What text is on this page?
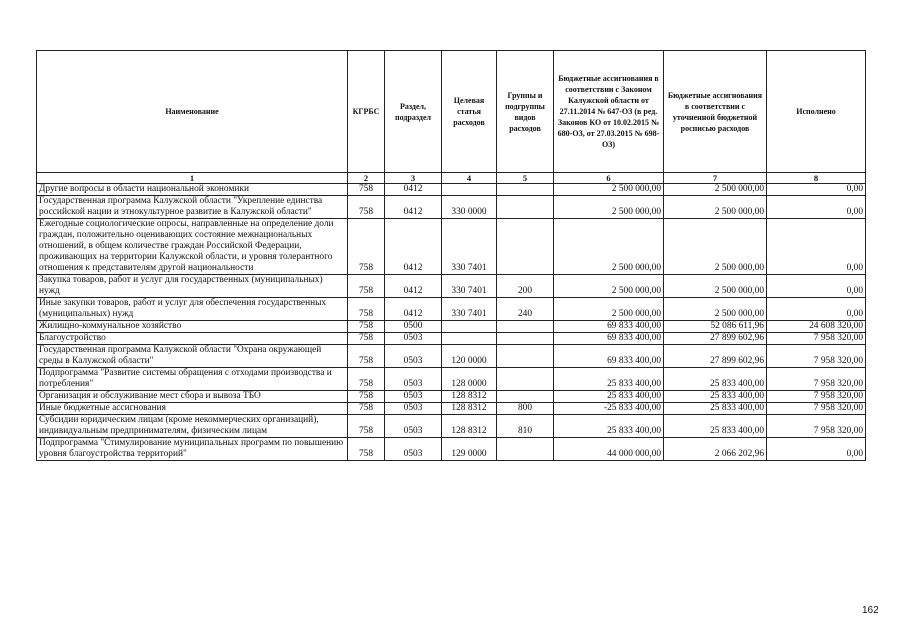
Наименование	КГРБС	Раздел, подраздел	Целевая статья расходов	Группы и подгруппы видов расходов	Бюджетные ассигнования в соответствии с Законом Калужской области от 27.11.2014 № 647-ОЗ (в ред. Законов КО от 10.02.2015 № 680-ОЗ, от 27.03.2015 № 698-ОЗ)	Бюджетные ассигнования в соответствии с уточненной бюджетной росписью расходов	Исполнено
1	2	3	4	5	6	7	8
Другие вопросы в области национальной экономики	758	0412			2 500 000,00	2 500 000,00	0,00
Государственная программа Калужской области "Укрепление единства российской нации и этнокультурное развитие в Калужской области"	758	0412	330 0000		2 500 000,00	2 500 000,00	0,00
Ежегодные социологические опросы, направленные на определение доли граждан, положительно оценивающих состояние межнациональных отношений, в общем количестве граждан Российской Федерации, проживающих на территории Калужской области, и уровня толерантного отношения к представителям другой национальности	758	0412	330 7401		2 500 000,00	2 500 000,00	0,00
Закупка товаров, работ и услуг для государственных (муниципальных) нужд	758	0412	330 7401	200	2 500 000,00	2 500 000,00	0,00
Иные закупки товаров, работ и услуг для обеспечения государственных (муниципальных) нужд	758	0412	330 7401	240	2 500 000,00	2 500 000,00	0,00
Жилищно-коммунальное хозяйство	758	0500			69 833 400,00	52 086 611,96	24 608 320,00
Благоустройство	758	0503			69 833 400,00	27 899 602,96	7 958 320,00
Государственная программа Калужской области "Охрана окружающей среды в Калужской области"	758	0503	120 0000		69 833 400,00	27 899 602,96	7 958 320,00
Подпрограмма "Развитие системы обращения с отходами производства и потребления"	758	0503	128 0000		25 833 400,00	25 833 400,00	7 958 320,00
Организация и обслуживание мест сбора и вывоза ТБО	758	0503	128 8312		25 833 400,00	25 833 400,00	7 958 320,00
Иные бюджетные ассигнования	758	0503	128 8312	800	-25 833 400,00	25 833 400,00	7 958 320,00
Субсидии юридическим лицам (кроме некоммерческих организаций), индивидуальным предпринимателям, физическим лицам	758	0503	128 8312	810	25 833 400,00	25 833 400,00	7 958 320,00
Подпрограмма "Стимулирование муниципальных программ по повышению уровня благоустройства территорий"	758	0503	129 0000		44 000 000,00	2 066 202,96	0,00
162
